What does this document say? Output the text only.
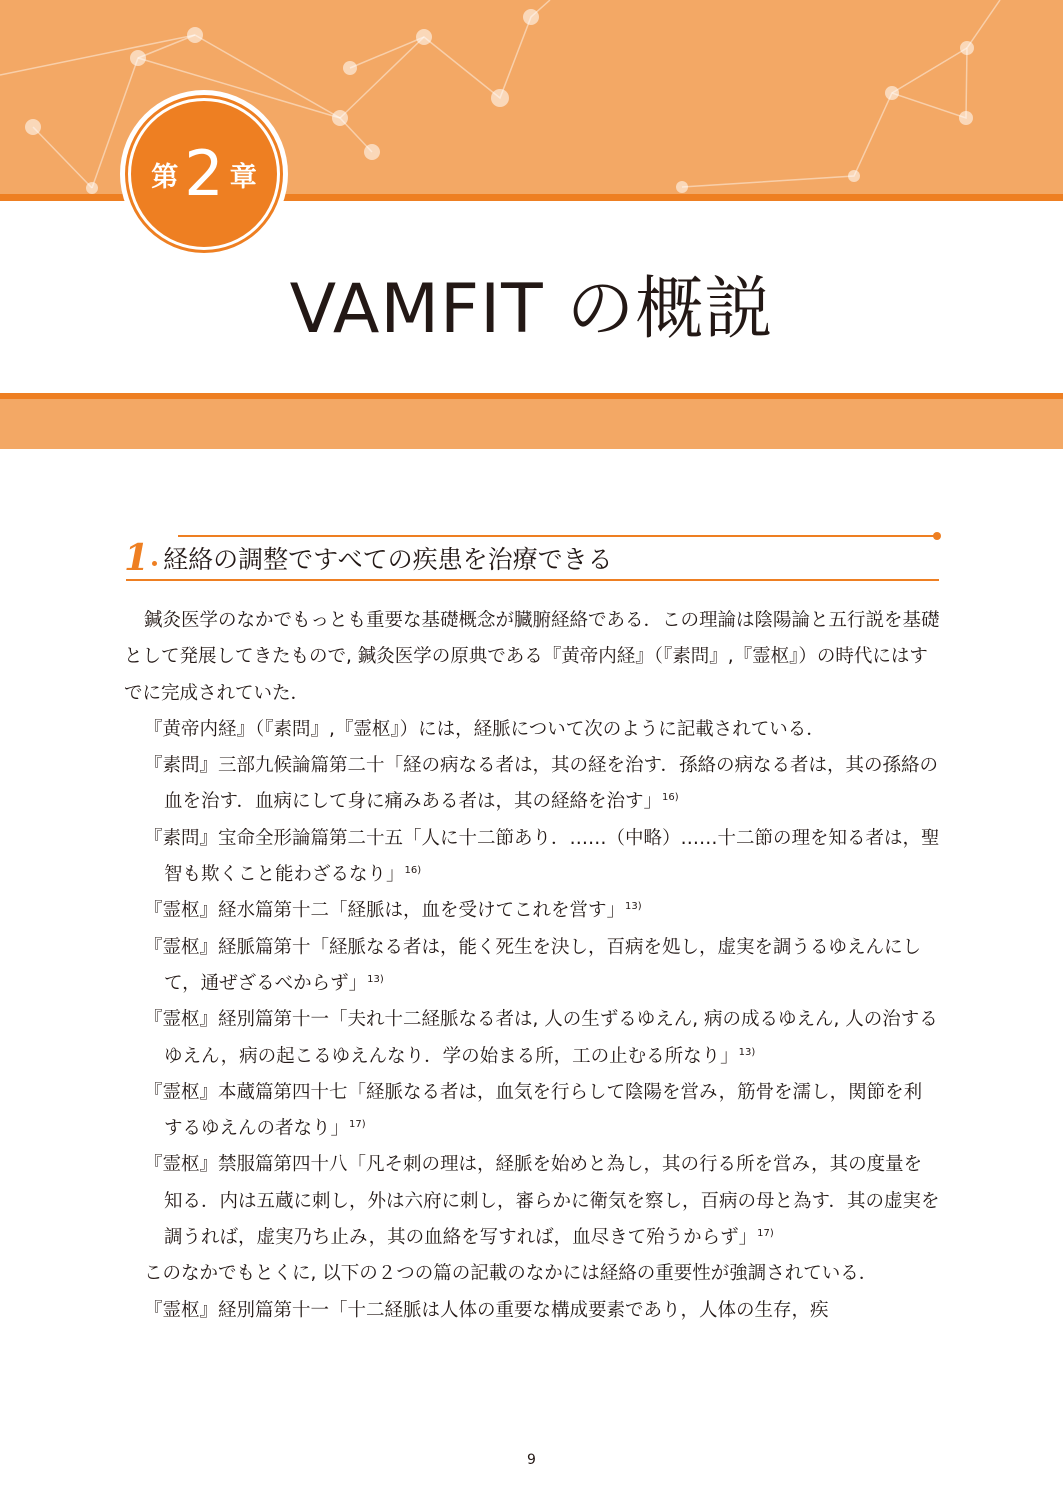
第 2 章
VAMFIT の概説
1 経絡の調整ですべての疾患を治療できる

鍼灸医学のなかでもっとも重要な基礎概念が臓腑経絡である．この理論は陰陽論と五行説を基礎として発展してきたもので, 鍼灸医学の原典である『黄帝内経』（『素問』,『霊枢』）の時代にはすでに完成されていた．

『黄帝内経』（『素問』,『霊枢』）には，経脈について次のように記載されている．

『素問』三部九候論篇第二十「経の病なる者は，其の経を治す．孫絡の病なる者は，其の孫絡の血を治す．血病にして身に痛みある者は，其の経絡を治す」$^{16)}$

『素問』宝命全形論篇第二十五「人に十二節あり．……（中略）……十二節の理を知る者は，聖智も欺くこと能わざるなり」$^{16)}$

『霊枢』経水篇第十二「経脈は，血を受けてこれを営す」$^{13)}$

『霊枢』経脈篇第十「経脈なる者は，能く死生を決し，百病を処し，虚実を調うるゆえんにして，通ぜざるべからず」$^{13)}$

『霊枢』経別篇第十一「夫れ十二経脈なる者は, 人の生ずるゆえん, 病の成るゆえん, 人の治するゆえん，病の起こるゆえんなり．学の始まる所，工の止むる所なり」$^{13)}$

『霊枢』本蔵篇第四十七「経脈なる者は，血気を行らして陰陽を営み，筋骨を濡し，関節を利するゆえんの者なり」$^{17)}$

『霊枢』禁服篇第四十八「凡そ刺の理は，経脈を始めと為し，其の行る所を営み，其の度量を知る．内は五蔵に刺し，外は六府に刺し，審らかに衛気を察し，百病の母と為す．其の虚実を調うれば，虚実乃ち止み，其の血絡を写すれば，血尽きて殆うからず」$^{17)}$

このなかでもとくに, 以下の２つの篇の記載のなかには経絡の重要性が強調されている．

『霊枢』経別篇第十一「十二経脈は人体の重要な構成要素であり，人体の生存，疾

9
